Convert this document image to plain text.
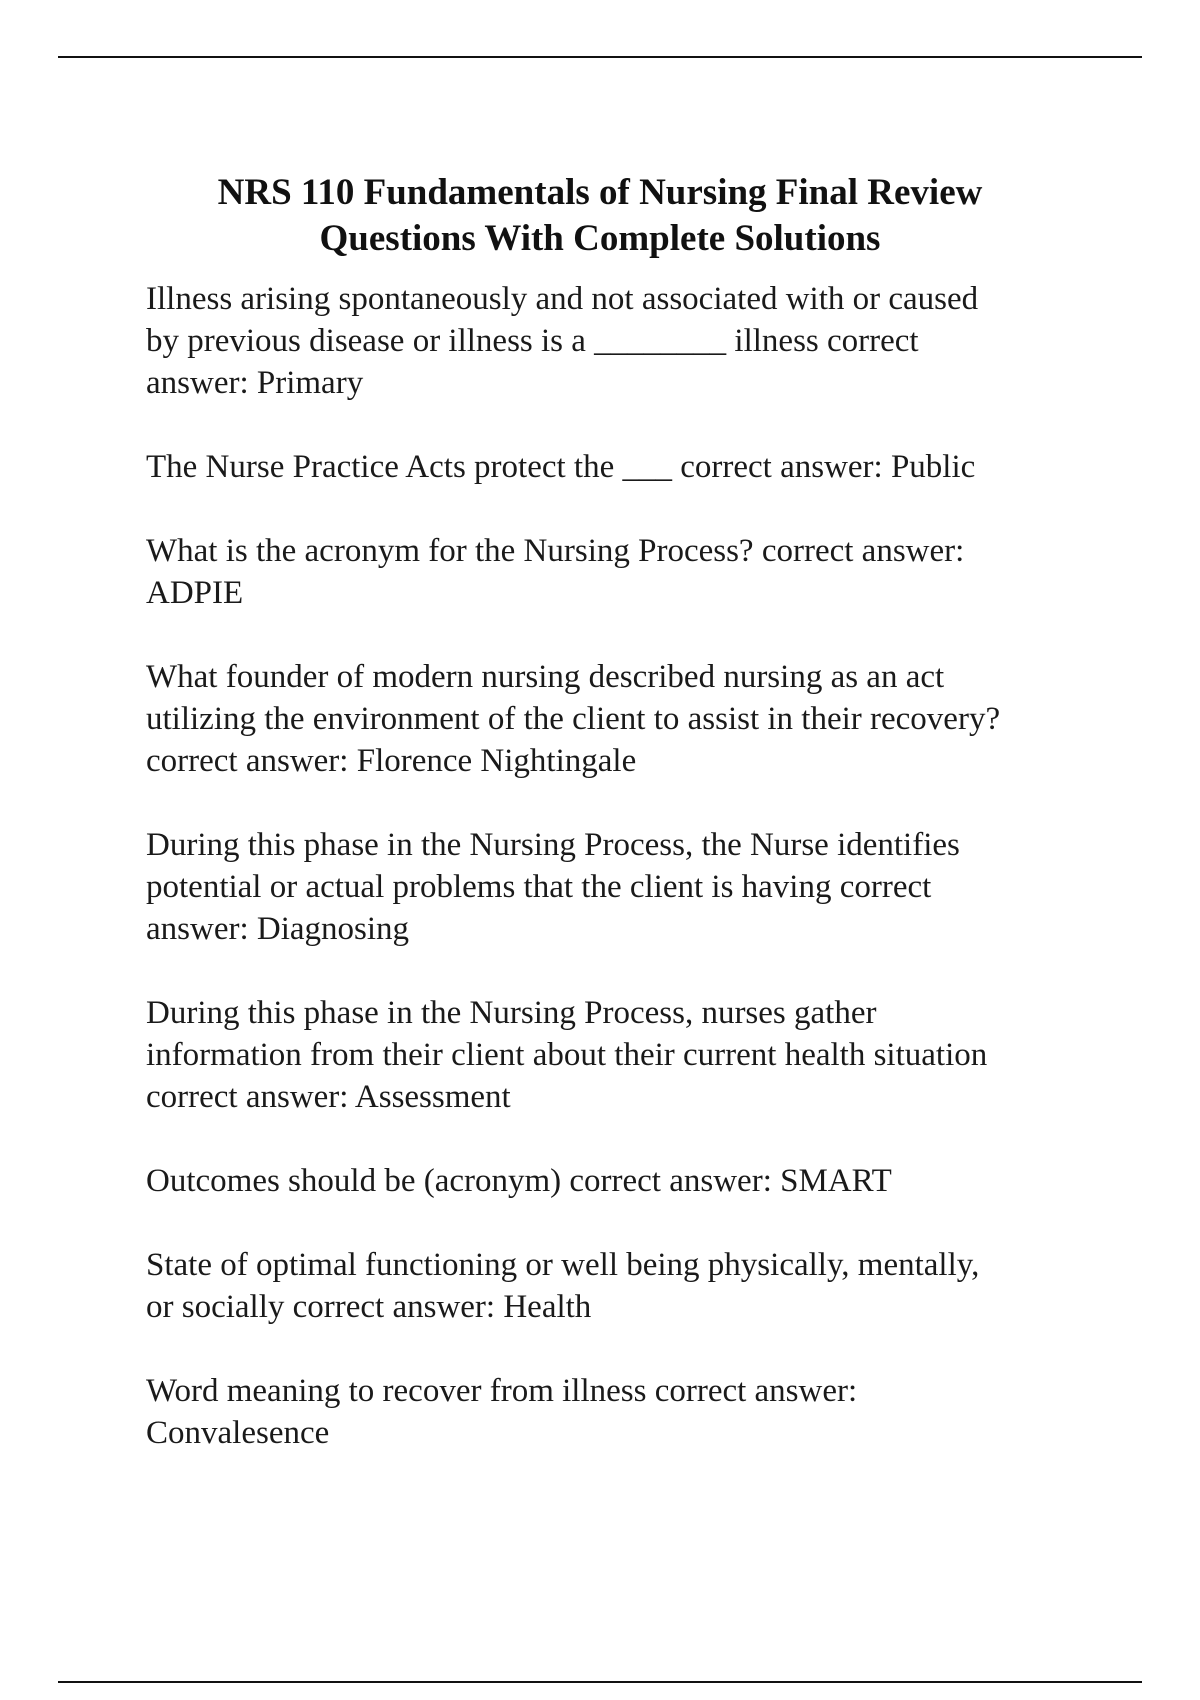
NRS 110 Fundamentals of Nursing Final Review
Questions With Complete Solutions
Illness arising spontaneously and not associated with or caused
by previous disease or illness is a ________ illness correct
answer: Primary
The Nurse Practice Acts protect the ___ correct answer: Public
What is the acronym for the Nursing Process? correct answer:
ADPIE
What founder of modern nursing described nursing as an act
utilizing the environment of the client to assist in their recovery?
correct answer: Florence Nightingale
During this phase in the Nursing Process, the Nurse identifies
potential or actual problems that the client is having correct
answer: Diagnosing
During this phase in the Nursing Process, nurses gather
information from their client about their current health situation
correct answer: Assessment
Outcomes should be (acronym) correct answer: SMART
State of optimal functioning or well being physically, mentally,
or socially correct answer: Health
Word meaning to recover from illness correct answer:
Convalesence
